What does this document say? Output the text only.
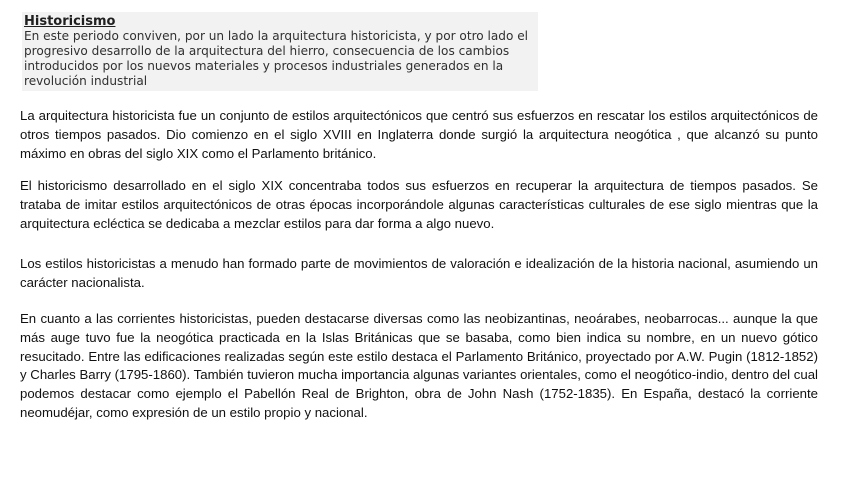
Historicismo
En este periodo conviven, por un lado la arquitectura historicista, y por otro lado el progresivo desarrollo de la arquitectura del hierro, consecuencia de los cambios introducidos por los nuevos materiales y procesos industriales generados en la revolución industrial

La arquitectura historicista fue un conjunto de estilos arquitectónicos que centró sus esfuerzos en rescatar los estilos arquitectónicos de otros tiempos pasados. Dio comienzo en el siglo XVIII en Inglaterra donde surgió la arquitectura neogótica , que alcanzó su punto máximo en obras del siglo XIX como el Parlamento británico.

El historicismo desarrollado en el siglo XIX concentraba todos sus esfuerzos en recuperar la arquitectura de tiempos pasados. Se trataba de imitar estilos arquitectónicos de otras épocas incorporándole algunas características culturales de ese siglo mientras que la arquitectura ecléctica se dedicaba a mezclar estilos para dar forma a algo nuevo.

Los estilos historicistas a menudo han formado parte de movimientos de valoración e idealización de la historia nacional, asumiendo un carácter nacionalista.

En cuanto a las corrientes historicistas, pueden destacarse diversas como las neobizantinas, neoárabes, neobarrocas... aunque la que más auge tuvo fue la neogótica practicada en la Islas Británicas que se basaba, como bien indica su nombre, en un nuevo gótico resucitado. Entre las edificaciones realizadas según este estilo destaca el Parlamento Británico, proyectado por A.W. Pugin (1812-1852) y Charles Barry (1795-1860). También tuvieron mucha importancia algunas variantes orientales, como el neogótico-indio, dentro del cual podemos destacar como ejemplo el Pabellón Real de Brighton, obra de John Nash (1752-1835). En España, destacó la corriente neomudéjar, como expresión de un estilo propio y nacional.
